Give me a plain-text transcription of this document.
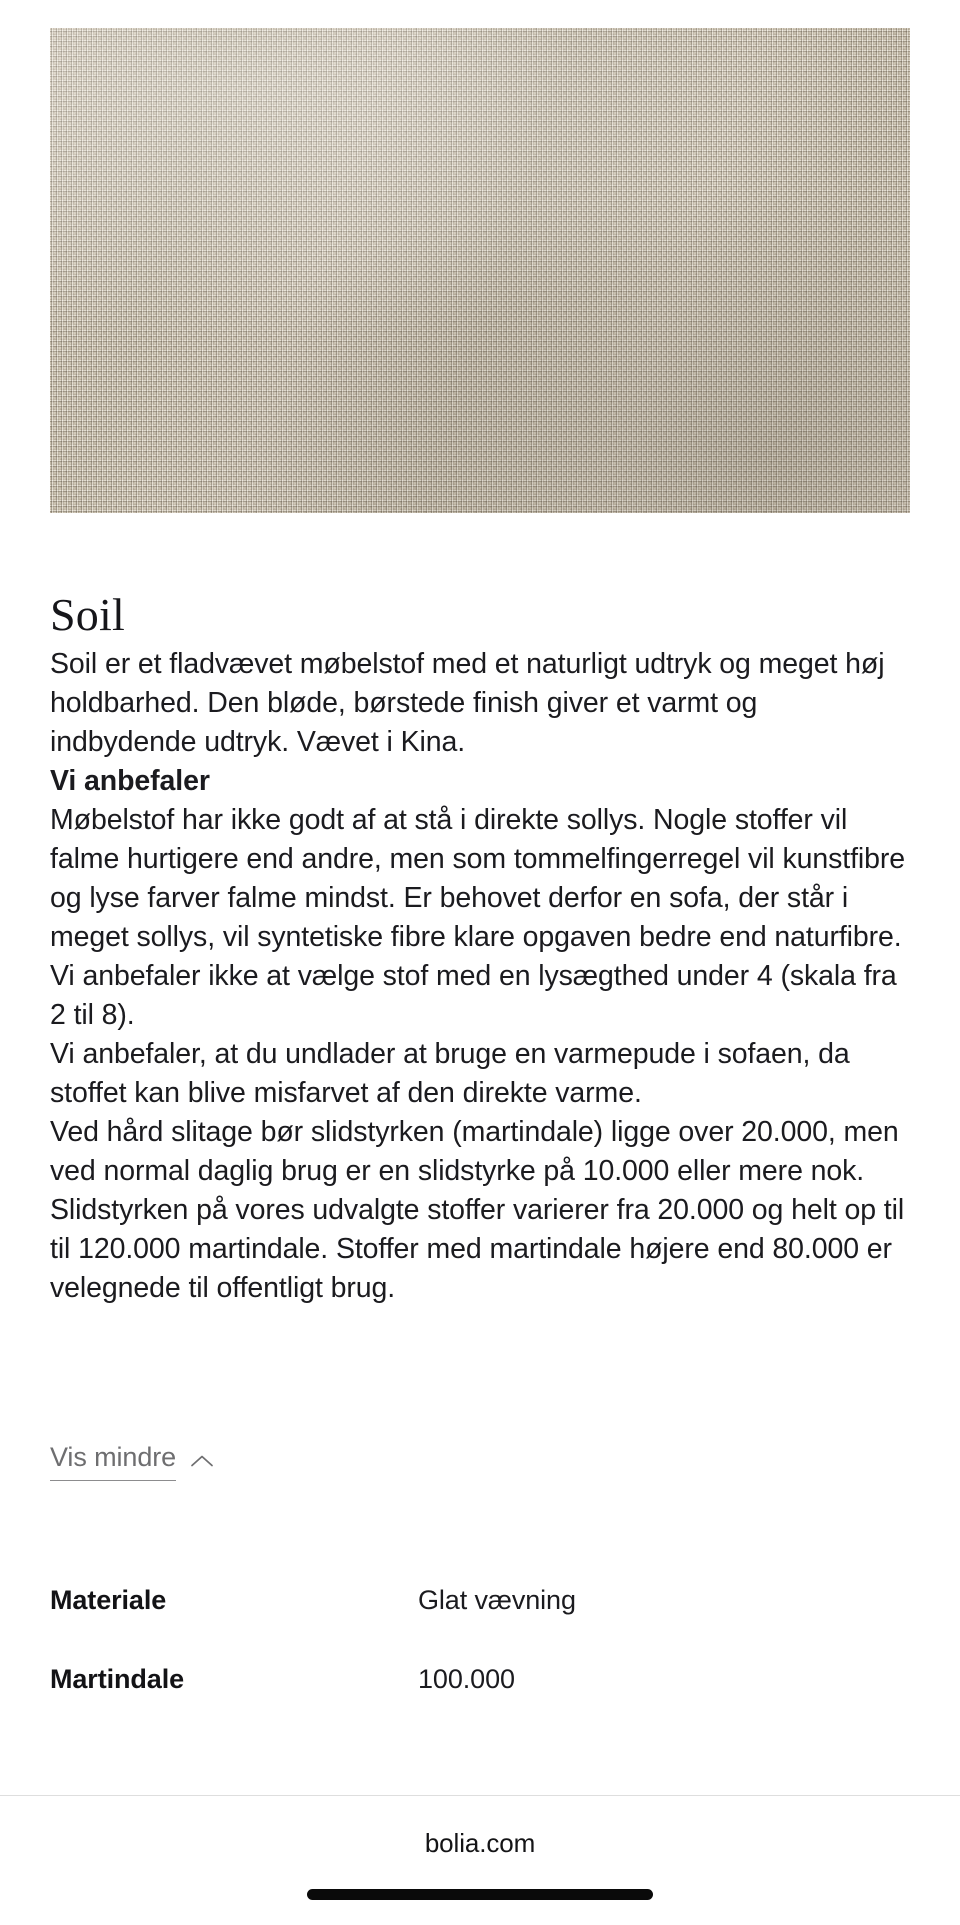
Soil

Soil er et fladvævet møbelstof med et naturligt udtryk og meget høj holdbarhed. Den bløde, børstede finish giver et varmt og indbydende udtryk. Vævet i Kina.

Vi anbefaler

Møbelstof har ikke godt af at stå i direkte sollys. Nogle stoffer vil falme hurtigere end andre, men som tommelfingerregel vil kunstfibre og lyse farver falme mindst. Er behovet derfor en sofa, der står i meget sollys, vil syntetiske fibre klare opgaven bedre end naturfibre. Vi anbefaler ikke at vælge stof med en lysægthed under 4 (skala fra 2 til 8).

Vi anbefaler, at du undlader at bruge en varmepude i sofaen, da stoffet kan blive misfarvet af den direkte varme.

Ved hård slitage bør slidstyrken (martindale) ligge over 20.000, men ved normal daglig brug er en slidstyrke på 10.000 eller mere nok. Slidstyrken på vores udvalgte stoffer varierer fra 20.000 og helt op til til 120.000 martindale. Stoffer med martindale højere end 80.000 er velegnede til offentligt brug.

Vis mindre
Materiale	Glat vævning
Martindale	100.000
bolia.com
